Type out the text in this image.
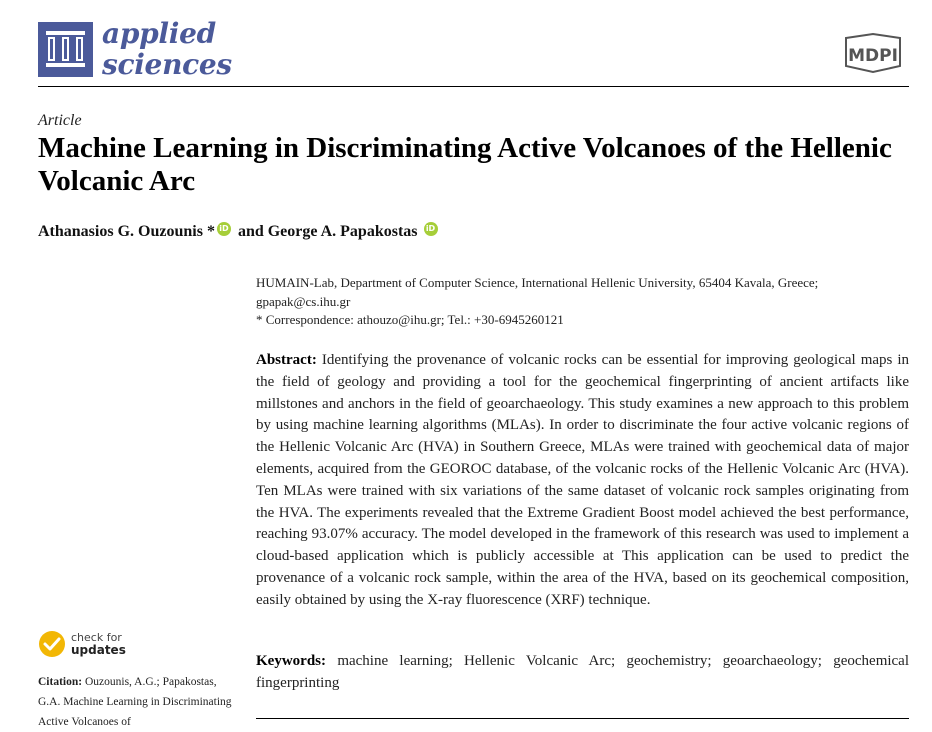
applied
sciences	MDPI
Article
Machine Learning in Discriminating Active Volcanoes of the Hellenic Volcanic Arc
Athanasios G. Ouzounis * iD and George A. Papakostas iD
HUMAIN-Lab, Department of Computer Science, International Hellenic University, 65404 Kavala, Greece; gpapak@cs.ihu.gr
* Correspondence: athouzo@ihu.gr; Tel.: +30-6945260121
Abstract: Identifying the provenance of volcanic rocks can be essential for improving geological maps in the field of geology and providing a tool for the geochemical fingerprinting of ancient artifacts like millstones and anchors in the field of geoarchaeology. This study examines a new approach to this problem by using machine learning algorithms (MLAs). In order to discriminate the four active volcanic regions of the Hellenic Volcanic Arc (HVA) in Southern Greece, MLAs were trained with geochemical data of major elements, acquired from the GEOROC database, of the volcanic rocks of the Hellenic Volcanic Arc (HVA). Ten MLAs were trained with six variations of the same dataset of volcanic rock samples originating from the HVA. The experiments revealed that the Extreme Gradient Boost model achieved the best performance, reaching 93.07% accuracy. The model developed in the framework of this research was used to implement a cloud-based application which is publicly accessible at This application can be used to predict the provenance of a volcanic rock sample, within the area of the HVA, based on its geochemical composition, easily obtained by using the X-ray fluorescence (XRF) technique.
Keywords: machine learning; Hellenic Volcanic Arc; geochemistry; geoarchaeology; geochemical fingerprinting
check for
updates
Citation: Ouzounis, A.G.; Papakostas, G.A. Machine Learning in Discriminating Active Volcanoes of
